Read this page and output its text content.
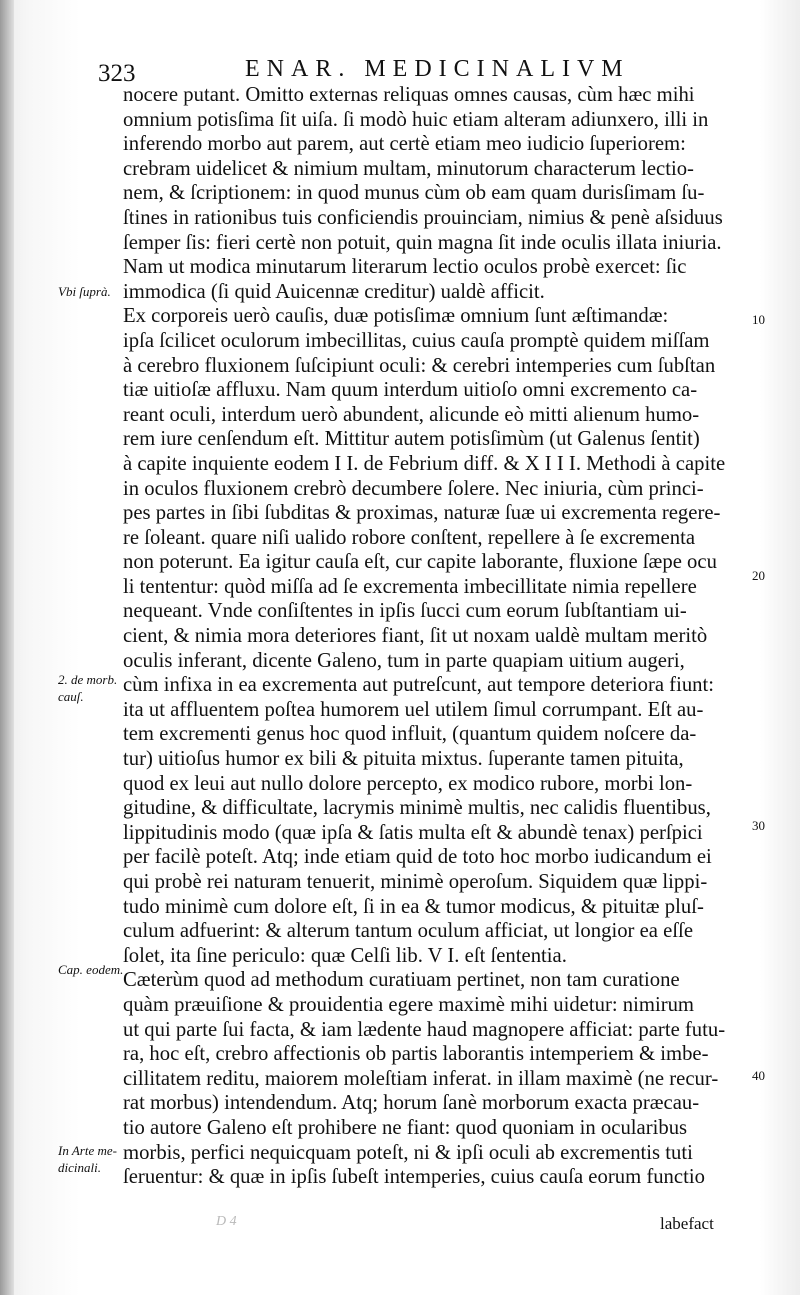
323	ENAR. MEDICINALIVM
nocere putant. Omitto externas reliquas omnes causas, cùm hæc mihi
omnium potisſima ſit uiſa. ſi modò huic etiam alteram adiunxero, illi in
inferendo morbo aut parem, aut certè etiam meo iudicio ſuperiorem:
crebram uidelicet & nimium multam, minutorum characterum lectio-
nem, & ſcriptionem: in quod munus cùm ob eam quam durisſimam ſu-
ſtines in rationibus tuis conficiendis prouinciam, nimius & penè aſsiduus
ſemper ſis: fieri certè non potuit, quin magna ſit inde oculis illata iniuria.
Nam ut modica minutarum literarum lectio oculos probè exercet: ſic
immodica (ſi quid Auicennæ creditur) ualdè afficit.
Ex corporeis uerò cauſis, duæ potisſimæ omnium ſunt æſtimandæ:
ipſa ſcilicet oculorum imbecillitas, cuius cauſa promptè quidem miſſam
à cerebro fluxionem ſuſcipiunt oculi: & cerebri intemperies cum ſubſtan
tiæ uitioſæ affluxu. Nam quum interdum uitioſo omni excremento ca-
reant oculi, interdum uerò abundent, alicunde eò mitti alienum humo-
rem iure cenſendum eſt. Mittitur autem potisſimùm (ut Galenus ſentit)
à capite inquiente eodem I I. de Febrium diff. & X I I I. Methodi à capite
in oculos fluxionem crebrò decumbere ſolere. Nec iniuria, cùm princi-
pes partes in ſibi ſubditas & proximas, naturæ ſuæ ui excrementa regere-
re ſoleant. quare niſi ualido robore conſtent, repellere à ſe excrementa
non poterunt. Ea igitur cauſa eſt, cur capite laborante, fluxione ſæpe ocu
li tententur: quòd miſſa ad ſe excrementa imbecillitate nimia repellere
nequeant. Vnde conſiſtentes in ipſis ſucci cum eorum ſubſtantiam ui-
cient, & nimia mora deteriores fiant, ſit ut noxam ualdè multam meritò
oculis inferant, dicente Galeno, tum in parte quapiam uitium augeri,
cùm infixa in ea excrementa aut putreſcunt, aut tempore deteriora fiunt:
ita ut affluentem poſtea humorem uel utilem ſimul corrumpant. Eſt au-
tem excrementi genus hoc quod influit, (quantum quidem noſcere da-
tur) uitioſus humor ex bili & pituita mixtus. ſuperante tamen pituita,
quod ex leui aut nullo dolore percepto, ex modico rubore, morbi lon-
gitudine, & difficultate, lacrymis minimè multis, nec calidis fluentibus,
lippitudinis modo (quæ ipſa & ſatis multa eſt & abundè tenax) perſpici
per facilè poteſt. Atq; inde etiam quid de toto hoc morbo iudicandum ei
qui probè rei naturam tenuerit, minimè operoſum. Siquidem quæ lippi-
tudo minimè cum dolore eſt, ſi in ea & tumor modicus, & pituitæ pluſ-
culum adfuerint: & alterum tantum oculum afficiat, ut longior ea eſſe
ſolet, ita ſine periculo: quæ Celſi lib. V I. eſt ſententia.
Cæterùm quod ad methodum curatiuam pertinet, non tam curatione
quàm præuiſione & prouidentia egere maximè mihi uidetur: nimirum
ut qui parte ſui facta, & iam lædente haud magnopere afficiat: parte futu-
ra, hoc eſt, crebro affectionis ob partis laborantis intemperiem & imbe-
cillitatem reditu, maiorem moleſtiam inferat. in illam maximè (ne recur-
rat morbus) intendendum. Atq; horum ſanè morborum exacta præcau-
tio autore Galeno eſt prohibere ne fiant: quod quoniam in ocularibus
morbis, perfici nequicquam poteſt, ni & ipſi oculi ab excrementis tuti
ſeruentur: & quæ in ipſis ſubeſt intemperies, cuius cauſa eorum functio
Vbi ſuprà.
2. de morb. cauſ.
Cap. eodem.
In Arte me- dicinali.
10
20
30
40
labefact
D 4
